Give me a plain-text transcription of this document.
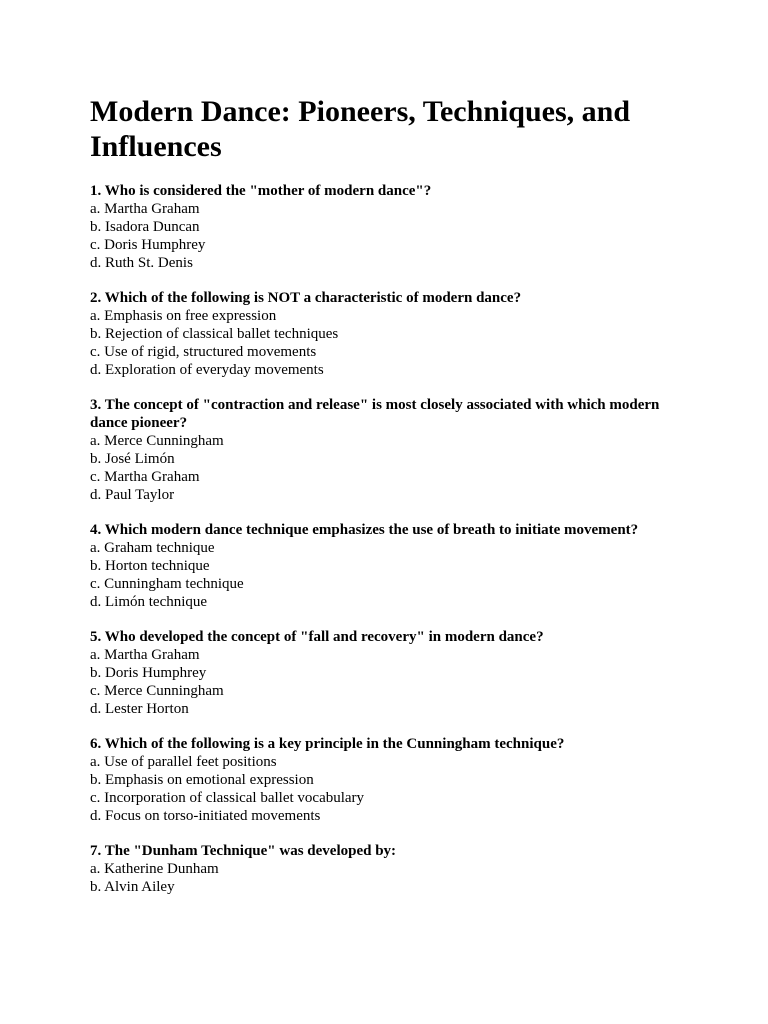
Modern Dance: Pioneers, Techniques, and Influences

1. Who is considered the "mother of modern dance"?

a. Martha Graham

b. Isadora Duncan

c. Doris Humphrey

d. Ruth St. Denis

2. Which of the following is NOT a characteristic of modern dance?

a. Emphasis on free expression

b. Rejection of classical ballet techniques

c. Use of rigid, structured movements

d. Exploration of everyday movements

3. The concept of "contraction and release" is most closely associated with which modern dance pioneer?

a. Merce Cunningham

b. José Limón

c. Martha Graham

d. Paul Taylor

4. Which modern dance technique emphasizes the use of breath to initiate movement?

a. Graham technique

b. Horton technique

c. Cunningham technique

d. Limón technique

5. Who developed the concept of "fall and recovery" in modern dance?

a. Martha Graham

b. Doris Humphrey

c. Merce Cunningham

d. Lester Horton

6. Which of the following is a key principle in the Cunningham technique?

a. Use of parallel feet positions

b. Emphasis on emotional expression

c. Incorporation of classical ballet vocabulary

d. Focus on torso-initiated movements

7. The "Dunham Technique" was developed by:

a. Katherine Dunham

b. Alvin Ailey
